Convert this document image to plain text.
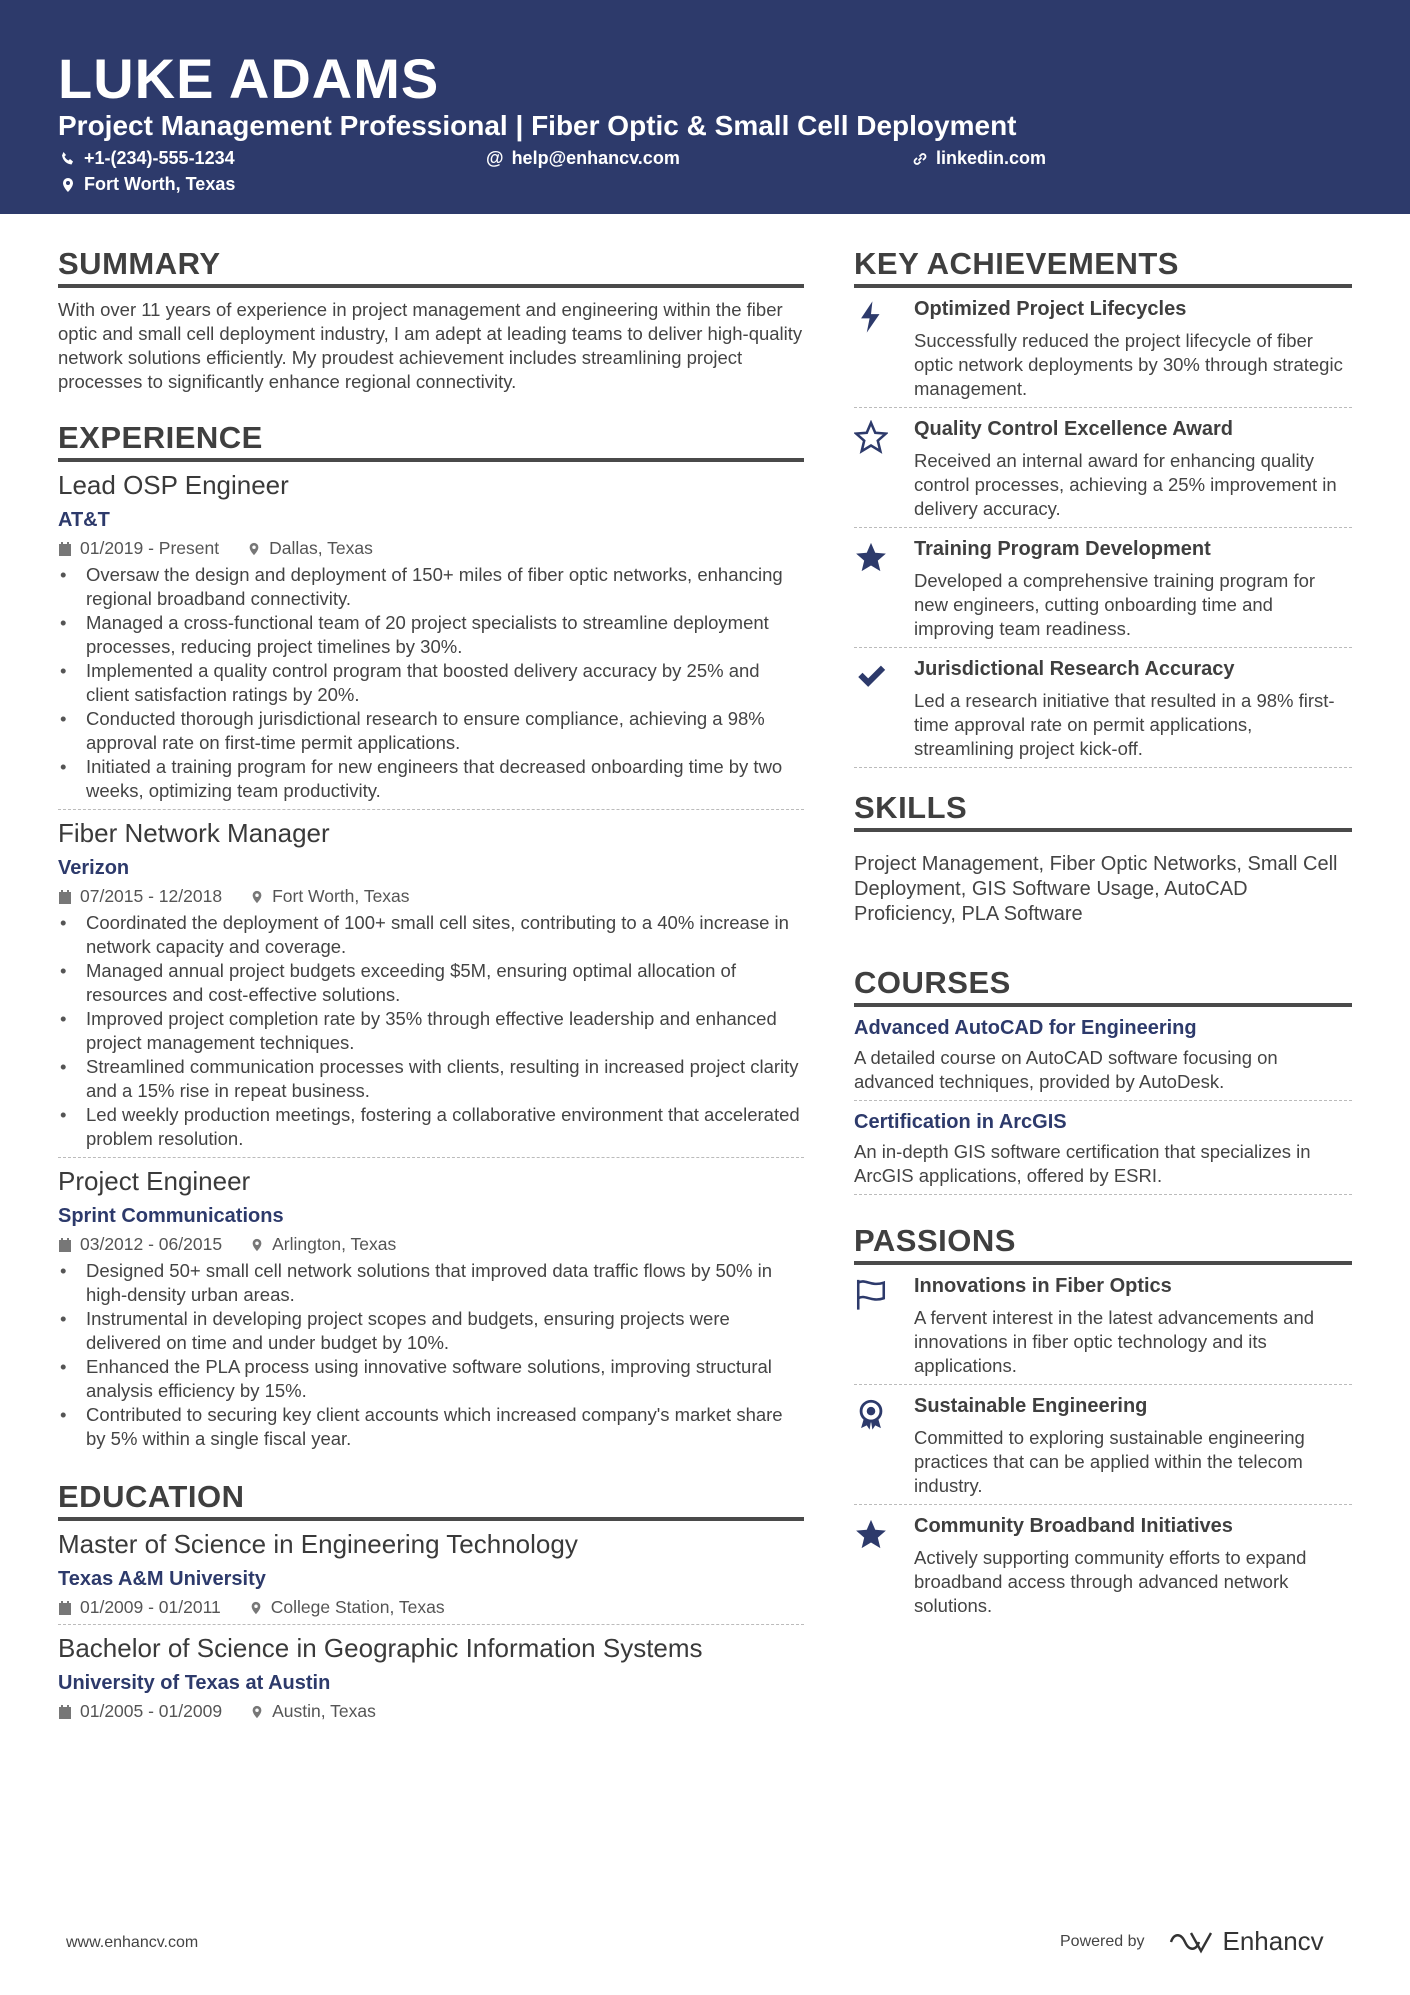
LUKE ADAMS
Project Management Professional | Fiber Optic & Small Cell Deployment
+1-(234)-555-1234	@ help@enhancv.com	linkedin.com
Fort Worth, Texas
SUMMARY
With over 11 years of experience in project management and engineering within the fiber optic and small cell deployment industry, I am adept at leading teams to deliver high-quality network solutions efficiently. My proudest achievement includes streamlining project processes to significantly enhance regional connectivity.
EXPERIENCE
Lead OSP Engineer
AT&T
01/2019 - Present	Dallas, Texas
• Oversaw the design and deployment of 150+ miles of fiber optic networks, enhancing regional broadband connectivity.
• Managed a cross-functional team of 20 project specialists to streamline deployment processes, reducing project timelines by 30%.
• Implemented a quality control program that boosted delivery accuracy by 25% and client satisfaction ratings by 20%.
• Conducted thorough jurisdictional research to ensure compliance, achieving a 98% approval rate on first-time permit applications.
• Initiated a training program for new engineers that decreased onboarding time by two weeks, optimizing team productivity.
Fiber Network Manager
Verizon
07/2015 - 12/2018	Fort Worth, Texas
• Coordinated the deployment of 100+ small cell sites, contributing to a 40% increase in network capacity and coverage.
• Managed annual project budgets exceeding $5M, ensuring optimal allocation of resources and cost-effective solutions.
• Improved project completion rate by 35% through effective leadership and enhanced project management techniques.
• Streamlined communication processes with clients, resulting in increased project clarity and a 15% rise in repeat business.
• Led weekly production meetings, fostering a collaborative environment that accelerated problem resolution.
Project Engineer
Sprint Communications
03/2012 - 06/2015	Arlington, Texas
• Designed 50+ small cell network solutions that improved data traffic flows by 50% in high-density urban areas.
• Instrumental in developing project scopes and budgets, ensuring projects were delivered on time and under budget by 10%.
• Enhanced the PLA process using innovative software solutions, improving structural analysis efficiency by 15%.
• Contributed to securing key client accounts which increased company's market share by 5% within a single fiscal year.
EDUCATION
Master of Science in Engineering Technology
Texas A&M University
01/2009 - 01/2011	College Station, Texas
Bachelor of Science in Geographic Information Systems
University of Texas at Austin
01/2005 - 01/2009	Austin, Texas
KEY ACHIEVEMENTS
Optimized Project Lifecycles
Successfully reduced the project lifecycle of fiber optic network deployments by 30% through strategic management.
Quality Control Excellence Award
Received an internal award for enhancing quality control processes, achieving a 25% improvement in delivery accuracy.
Training Program Development
Developed a comprehensive training program for new engineers, cutting onboarding time and improving team readiness.
Jurisdictional Research Accuracy
Led a research initiative that resulted in a 98% first-time approval rate on permit applications, streamlining project kick-off.
SKILLS
Project Management, Fiber Optic Networks, Small Cell Deployment, GIS Software Usage, AutoCAD Proficiency, PLA Software
COURSES
Advanced AutoCAD for Engineering
A detailed course on AutoCAD software focusing on advanced techniques, provided by AutoDesk.
Certification in ArcGIS
An in-depth GIS software certification that specializes in ArcGIS applications, offered by ESRI.
PASSIONS
Innovations in Fiber Optics
A fervent interest in the latest advancements and innovations in fiber optic technology and its applications.
Sustainable Engineering
Committed to exploring sustainable engineering practices that can be applied within the telecom industry.
Community Broadband Initiatives
Actively supporting community efforts to expand broadband access through advanced network solutions.
www.enhancv.com	Powered by	Enhancv
